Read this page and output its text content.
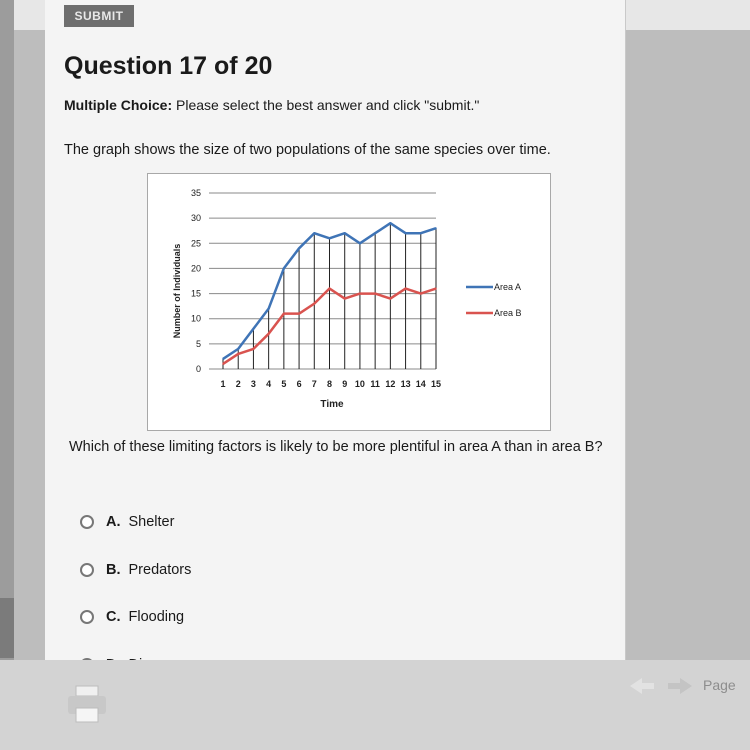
SUBMIT
Question 17 of 20
Multiple Choice: Please select the best answer and click "submit."
The graph shows the size of two populations of the same species over time.
0
5
10
15
20
25
30
35
1 2 3 4 5 6 7 8 9 10 11 12 13 14 15
Area A
Area B
Number of Individuals
Time
Which of these limiting factors is likely to be more plentiful in area A than in area B?
A. Shelter
B. Predators
C. Flooding
Page
